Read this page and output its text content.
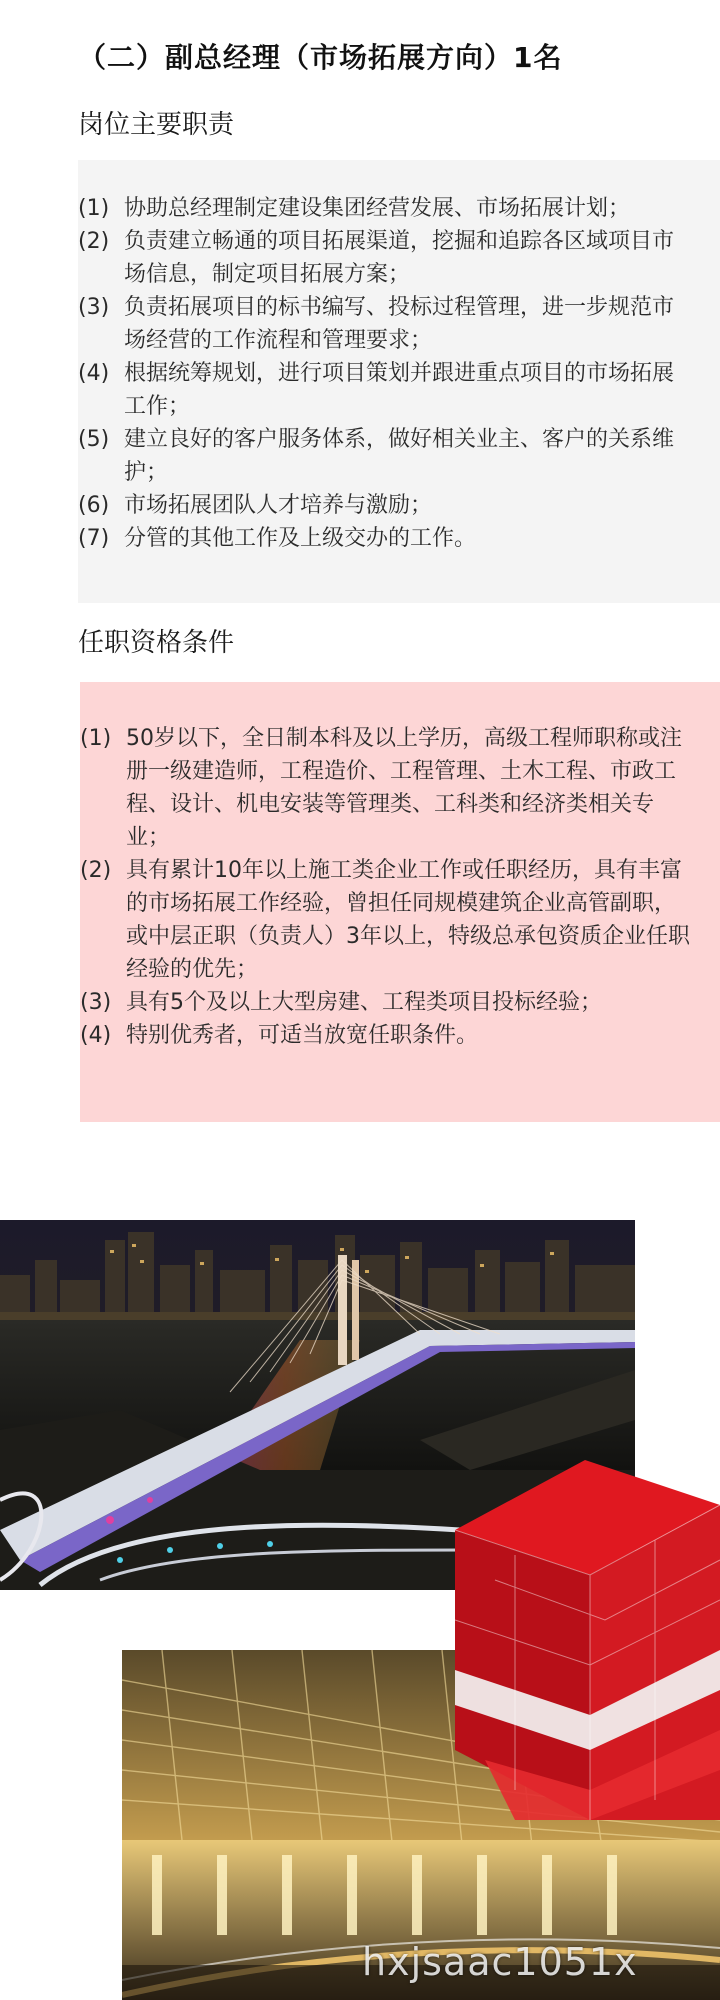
（二）副总经理（市场拓展方向）1名
岗位主要职责
(1) 协助总经理制定建设集团经营发展、市场拓展计划；
(2) 负责建立畅通的项目拓展渠道，挖掘和追踪各区域项目市场信息，制定项目拓展方案；
(3) 负责拓展项目的标书编写、投标过程管理，进一步规范市场经营的工作流程和管理要求；
(4) 根据统筹规划，进行项目策划并跟进重点项目的市场拓展工作；
(5) 建立良好的客户服务体系，做好相关业主、客户的关系维护；
(6) 市场拓展团队人才培养与激励；
(7) 分管的其他工作及上级交办的工作。
任职资格条件
(1) 50岁以下，全日制本科及以上学历，高级工程师职称或注册一级建造师，工程造价、工程管理、土木工程、市政工程、设计、机电安装等管理类、工科类和经济类相关专业；
(2) 具有累计10年以上施工类企业工作或任职经历，具有丰富的市场拓展工作经验，曾担任同规模建筑企业高管副职，或中层正职（负责人）3年以上，特级总承包资质企业任职经验的优先；
(3) 具有5个及以上大型房建、工程类项目投标经验；
(4) 特别优秀者，可适当放宽任职条件。
hxjsaac1051x
